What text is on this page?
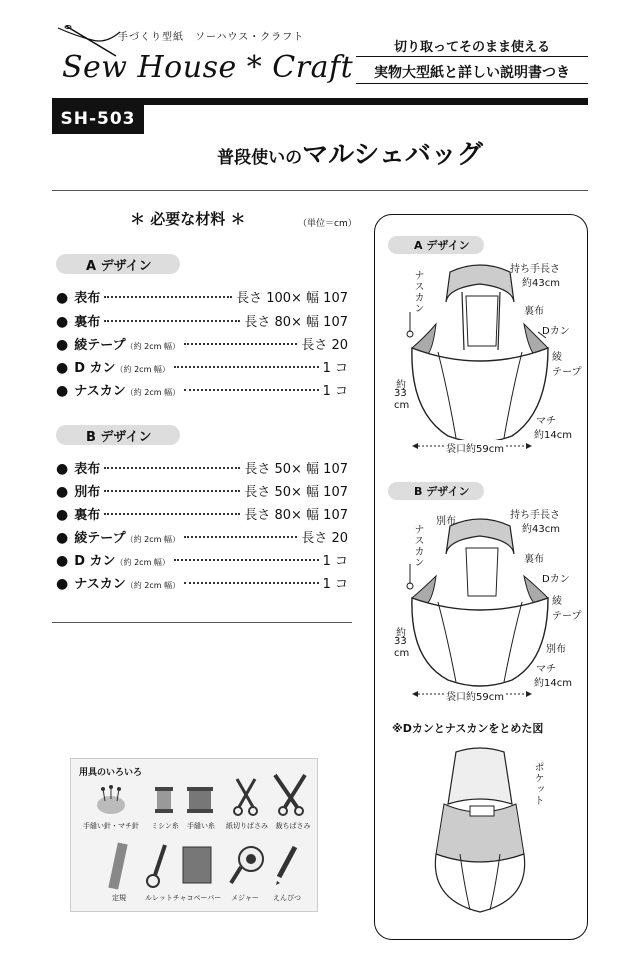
手づくり型紙　ソーハウス・クラフト
Sew House * Craft
切り取ってそのまま使える
実物大型紙と詳しい説明書つき
SH-503
普段使いのマルシェバッグ
＊ 必要な材料 ＊	（単位＝cm）
A デザイン
● 表布	長さ 100× 幅 107
● 裏布	長さ 80× 幅 107
● 綾テープ （約 2cm 幅）	長さ 20
● D カン （約 2cm 幅）	1 コ
● ナスカン （約 2cm 幅）	1 コ
B デザイン
● 表布	長さ 50× 幅 107
● 別布	長さ 50× 幅 107
● 裏布	長さ 80× 幅 107
● 綾テープ （約 2cm 幅）	長さ 20
● D カン （約 2cm 幅）	1 コ
● ナスカン （約 2cm 幅）	1 コ
用具のいろいろ
手縫い針・マチ針	ミシン糸	手縫い糸	紙切りばさみ	裁ちばさみ
定規	ルレット チャコペーパー	メジャー	えんぴつ
A デザイン
持ち手長さ
約43cm
裏布
Dカン
綾
テープ
ナスカン
約
33
cm
マチ
約14cm
袋口約59cm
B デザイン
別布
持ち手長さ
約43cm
裏布
Dカン
綾
テープ
別布
ナスカン
約
33
cm
マチ
約14cm
袋口約59cm
※Dカンとナスカンをとめた図
ポケット
